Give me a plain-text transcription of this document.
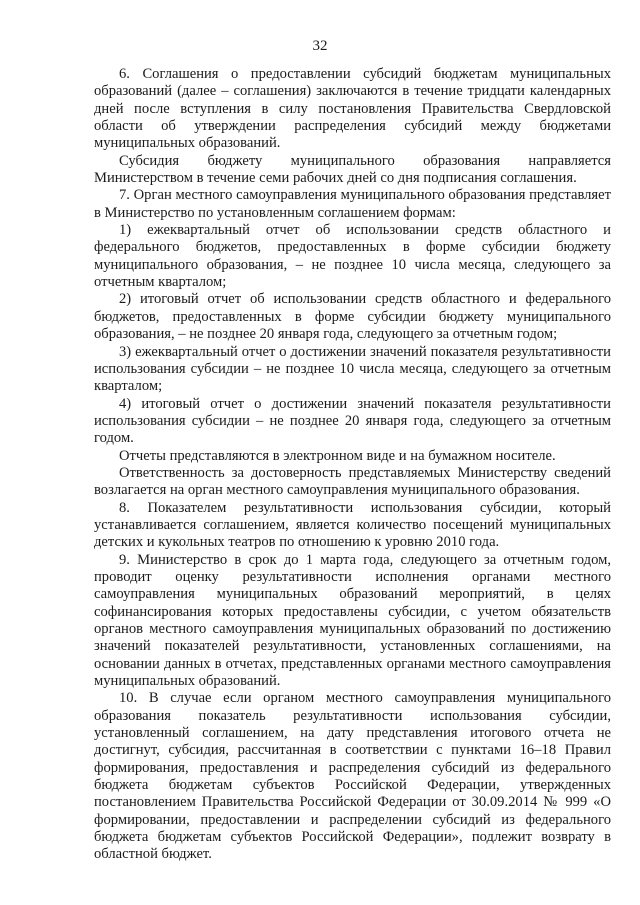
32

6. Соглашения о предоставлении субсидий бюджетам муниципальных образований (далее – соглашения) заключаются в течение тридцати календарных дней после вступления в силу постановления Правительства Свердловской области об утверждении распределения субсидий между бюджетами муниципальных образований.

Субсидия бюджету муниципального образования направляется Министерством в течение семи рабочих дней со дня подписания соглашения.

7. Орган местного самоуправления муниципального образования представляет в Министерство по установленным соглашением формам:

1) ежеквартальный отчет об использовании средств областного и федерального бюджетов, предоставленных в форме субсидии бюджету муниципального образования, – не позднее 10 числа месяца, следующего за отчетным кварталом;

2) итоговый отчет об использовании средств областного и федерального бюджетов, предоставленных в форме субсидии бюджету муниципального образования, – не позднее 20 января года, следующего за отчетным годом;

3) ежеквартальный отчет о достижении значений показателя результативности использования субсидии – не позднее 10 числа месяца, следующего за отчетным кварталом;

4) итоговый отчет о достижении значений показателя результативности использования субсидии – не позднее 20 января года, следующего за отчетным годом.

Отчеты представляются в электронном виде и на бумажном носителе.

Ответственность за достоверность представляемых Министерству сведений возлагается на орган местного самоуправления муниципального образования.

8. Показателем результативности использования субсидии, который устанавливается соглашением, является количество посещений муниципальных детских и кукольных театров по отношению к уровню 2010 года.

9. Министерство в срок до 1 марта года, следующего за отчетным годом, проводит оценку результативности исполнения органами местного самоуправления муниципальных образований мероприятий, в целях софинансирования которых предоставлены субсидии, с учетом обязательств органов местного самоуправления муниципальных образований по достижению значений показателей результативности, установленных соглашениями, на основании данных в отчетах, представленных органами местного самоуправления муниципальных образований.

10. В случае если органом местного самоуправления муниципального образования показатель результативности использования субсидии, установленный соглашением, на дату представления итогового отчета не достигнут, субсидия, рассчитанная в соответствии с пунктами 16–18 Правил формирования, предоставления и распределения субсидий из федерального бюджета бюджетам субъектов Российской Федерации, утвержденных постановлением Правительства Российской Федерации от 30.09.2014 № 999 «О формировании, предоставлении и распределении субсидий из федерального бюджета бюджетам субъектов Российской Федерации», подлежит возврату в областной бюджет.
